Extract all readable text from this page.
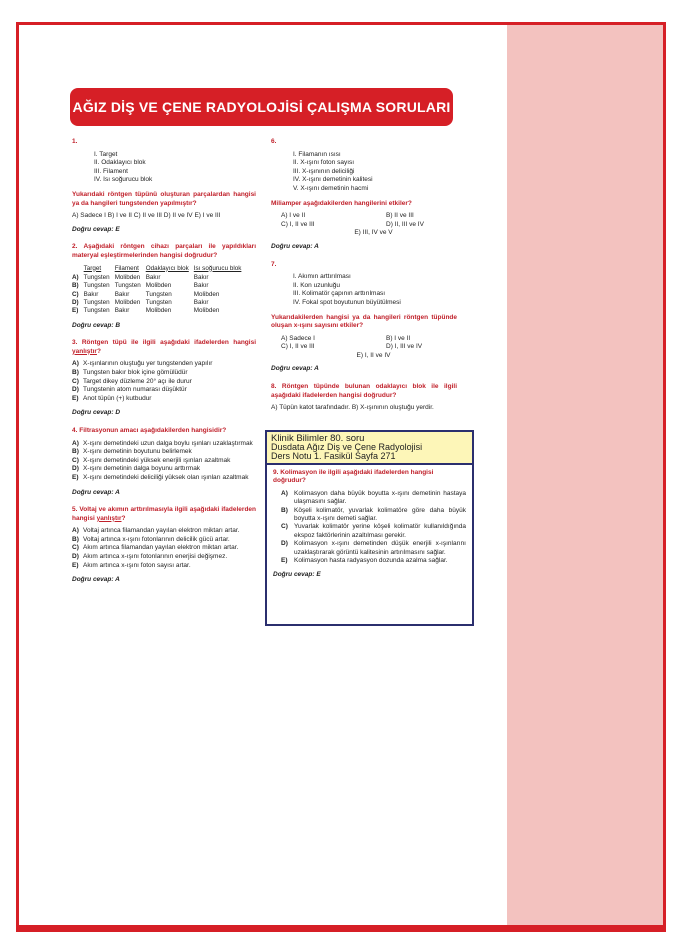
AĞIZ DİŞ VE ÇENE RADYOLOJİSİ ÇALIŞMA SORULARI
1.
I. Target
II. Odaklayıcı blok
III. Filament
IV. Isı soğurucu blok
Yukarıdaki röntgen tüpünü oluşturan parçalardan hangisi ya da hangileri tungstenden yapılmıştır?
A) Sadece I B) I ve II C) II ve III D) II ve IV E) I ve III
Doğru cevap: E
2. Aşağıdaki röntgen cihazı parçaları ile yapıldıkları materyal eşleştirmelerinden hangisi doğrudur?
	Target	Filament	Odaklayıcı blok	Isı soğurucu blok
A)	Tungsten	Molibden	Bakır	Bakır
B)	Tungsten	Tungsten	Molibden	Bakır
C)	Bakır	Bakır	Tungsten	Molibden
D)	Tungsten	Molibden	Tungsten	Bakır
E)	Tungsten	Bakır	Molibden	Molibden
Doğru cevap: B
3. Röntgen tüpü ile ilgili aşağıdaki ifadelerden hangisi yanlıştır?
A) X-ışınlarının oluştuğu yer tungstenden yapılır
B) Tungsten bakır blok içine gömülüdür
C) Target dikey düzleme 20° açı ile durur
D) Tungstenin atom numarası düşüktür
E) Anot tüpün (+) kutbudur
Doğru cevap: D
4. Filtrasyonun amacı aşağıdakilerden hangisidir?
A) X-ışını demetindeki uzun dalga boylu ışınları uzaklaştırmak
B) X-ışını demetinin boyutunu belirlemek
C) X-ışını demetindeki yüksek enerjili ışınları azaltmak
D) X-ışını demetinin dalga boyunu arttırmak
E) X-ışını demetindeki deliciliği yüksek olan ışınları azaltmak
Doğru cevap: A
5. Voltaj ve akımın arttırılmasıyla ilgili aşağıdaki ifadelerden hangisi yanlıştır?
A) Voltaj artınca filamandan yayılan elektron miktarı artar.
B) Voltaj artınca x-ışını fotonlarının delicilik gücü artar.
C) Akım artınca filamandan yayılan elektron miktarı artar.
D) Akım artınca x-ışını fotonlarının enerjisi değişmez.
E) Akım artınca x-ışını foton sayısı artar.
Doğru cevap: A
6.
I. Filamanın ısısı
II. X-ışını foton sayısı
III. X-ışınının deliciliği
IV. X-ışını demetinin kalitesi
V. X-ışını demetinin hacmi
Miliamper aşağıdakilerden hangilerini etkiler?
A) I ve II	B) II ve III
C) I, II ve III	D) II, III ve IV
E) III, IV ve V
Doğru cevap: A
7.
I. Akımın arttırılması
II. Kon uzunluğu
III. Kolimatör çapının arttırılması
IV. Fokal spot boyutunun büyütülmesi
Yukarıdakilerden hangisi ya da hangileri röntgen tüpünde oluşan x-ışını sayısını etkiler?
A) Sadece I	B) I ve II
C) I, II ve III	D) I, III ve IV
E) I, II ve IV
Doğru cevap: A
8. Röntgen tüpünde bulunan odaklayıcı blok ile ilgili aşağıdaki ifadelerden hangisi doğrudur?
A) Tüpün katot tarafındadır. B) X-ışınının oluştuğu yerdir.
Klinik Bilimler 80. soru
Dusdata Ağız Diş ve Çene Radyolojisi
Ders Notu 1. Fasikül Sayfa 271
9. Kolimasyon ile ilgili aşağıdaki ifadelerden hangisi doğrudur?
A) Kolimasyon daha büyük boyutta x-ışını demetinin hastaya ulaşmasını sağlar.
B) Köşeli kolimatör, yuvarlak kolimatöre göre daha büyük boyutta x-ışını demeti sağlar.
C) Yuvarlak kolimatör yerine köşeli kolimatör kullanıldığında ekspoz faktörlerinin azaltılması gerekir.
D) Kolimasyon x-ışını demetinden düşük enerjili x-ışınlarını uzaklaştırarak görüntü kalitesinin artırılmasını sağlar.
E)	Kolimasyon hasta radyasyon dozunda azalma sağlar.
Doğru cevap: E
